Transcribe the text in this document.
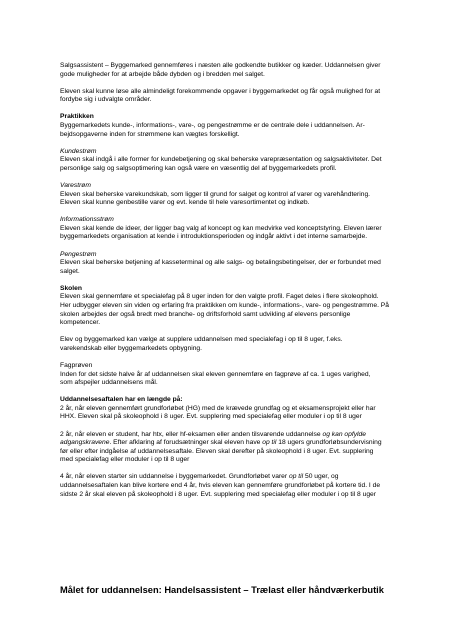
Salgsassistent – Byggemarked gennemføres i næsten alle godkendte butikker og kæder. Uddannelsen giver
gode muligheder for at arbejde både dybden og i bredden mel salget.
Eleven skal kunne løse alle almindeligt forekommende opgaver i byggemarkedet og får også mulighed for at
fordybe sig i udvalgte områder.
Praktikken
Byggemarkedets kunde-, informations-, vare-, og pengestrømme er de centrale dele i uddannelsen. Ar-
bejdsopgaverne inden for strømmene kan vægtes forskelligt.
Kundestrøm
Eleven skal indgå i alle former for kundebetjening og skal beherske varepræsentation og salgsaktiviteter. Det
personlige salg og salgsoptimering kan også være en væsentlig del af byggemarkedets profil.
Varestrøm
Eleven skal beherske varekundskab, som ligger til grund for salget og kontrol af varer og varehåndtering.
Eleven skal kunne genbestille varer og evt. kende til hele varesortimentet og indkøb.
Informationsstrøm
Eleven skal kende de ideer, der ligger bag valg af koncept og kan medvirke ved konceptstyring. Eleven lærer
byggemarkedets organisation at kende i introduktionsperioden og indgår aktivt i det interne samarbejde.
Pengestrøm
Eleven skal beherske betjening af kasseterminal og alle salgs- og betalingsbetingelser, der er forbundet med
salget.
Skolen
Eleven skal gennemføre et specialefag på 8 uger inden for den valgte profil. Faget deles i flere skoleophold.
Her udbygger eleven sin viden og erfaring fra praktikken om kunde-, informations-, vare- og pengestrømme. På
skolen arbejdes der også bredt med branche- og driftsforhold samt udvikling af elevens personlige
kompetencer.
Elev og byggemarked kan vælge at supplere uddannelsen med specialefag i op til 8 uger, f.eks.
varekendskab eller byggemarkedets opbygning.
Fagprøven
Inden for det sidste halve år af uddannelsen skal eleven gennemføre en fagprøve af ca. 1 uges varighed,
som afspejler uddannelsens mål.
Uddannelsesaftalen har en længde på:
2 år, når eleven gennemført grundforløbet (HG) med de krævede grundfag og et eksamensprojekt eller har
HHX. Eleven skal på skoleophold i 8 uger. Evt. supplering med specialefag eller moduler i op til 8 uger
2 år, når eleven er student, har htx, eller hf-eksamen eller anden tilsvarende uddannelse og kan opfylde
adgangskravene. Efter afklaring af forudsætninger skal eleven have op til 18 ugers grundforløbsundervisning
før eller efter indgåelse af uddannelsesaftale. Eleven skal derefter på skoleophold i 8 uger. Evt. supplering
med specialefag eller moduler i op til 8 uger
4 år, når eleven starter sin uddannelse i byggemarkedet. Grundforløbet varer op til 50 uger, og
uddannelsesaftalen kan blive kortere end 4 år, hvis eleven kan gennemføre grundforløbet på kortere tid. I de
sidste 2 år skal eleven på skoleophold i 8 uger. Evt. supplering med specialefag eller moduler i op til 8 uger
Målet for uddannelsen: Handelsassistent – Trælast eller håndværkerbutik
